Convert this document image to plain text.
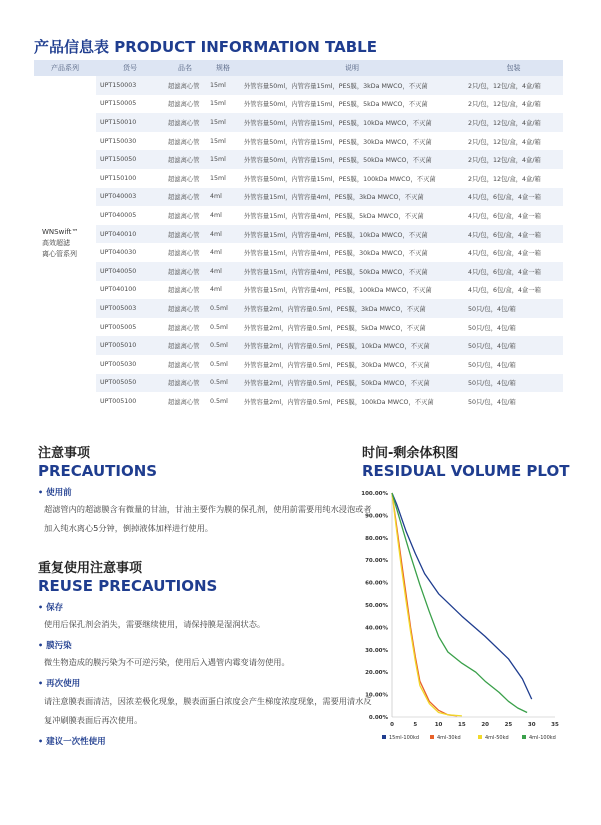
产品信息表 PRODUCT INFORMATION TABLE
产品系列	货号	品名	规格	说明	包装

WNSwift™
高效超滤
离心管系列	UPT150003	超滤离心管	15ml	外管容量50ml，内管容量15ml，PES膜，3kDa MWCO，不灭菌	2只/包，12包/盒，4盒/箱
	UPT150005	超滤离心管	15ml	外管容量50ml，内管容量15ml，PES膜，5kDa MWCO，不灭菌	2只/包，12包/盒，4盒/箱
	UPT150010	超滤离心管	15ml	外管容量50ml，内管容量15ml，PES膜，10kDa MWCO，不灭菌	2只/包，12包/盒，4盒/箱
	UPT150030	超滤离心管	15ml	外管容量50ml，内管容量15ml，PES膜，30kDa MWCO，不灭菌	2只/包，12包/盒，4盒/箱
	UPT150050	超滤离心管	15ml	外管容量50ml，内管容量15ml，PES膜，50kDa MWCO，不灭菌	2只/包，12包/盒，4盒/箱
	UPT150100	超滤离心管	15ml	外管容量50ml，内管容量15ml，PES膜，100kDa MWCO，不灭菌	2只/包，12包/盒，4盒/箱
	UPT040003	超滤离心管	4ml	外管容量15ml，内管容量4ml，PES膜，3kDa MWCO，不灭菌	4只/包，6包/盒，4盒一箱
	UPT040005	超滤离心管	4ml	外管容量15ml，内管容量4ml，PES膜，5kDa MWCO，不灭菌	4只/包，6包/盒，4盒一箱
	UPT040010	超滤离心管	4ml	外管容量15ml，内管容量4ml，PES膜，10kDa MWCO，不灭菌	4只/包，6包/盒，4盒一箱
	UPT040030	超滤离心管	4ml	外管容量15ml，内管容量4ml，PES膜，30kDa MWCO，不灭菌	4只/包，6包/盒，4盒一箱
	UPT040050	超滤离心管	4ml	外管容量15ml，内管容量4ml，PES膜，50kDa MWCO，不灭菌	4只/包，6包/盒，4盒一箱
	UPT040100	超滤离心管	4ml	外管容量15ml，内管容量4ml，PES膜，100kDa MWCO，不灭菌	4只/包，6包/盒，4盒一箱
	UPT005003	超滤离心管	0.5ml	外管容量2ml，内管容量0.5ml，PES膜，3kDa MWCO，不灭菌	50只/包，4包/箱
	UPT005005	超滤离心管	0.5ml	外管容量2ml，内管容量0.5ml，PES膜，5kDa MWCO，不灭菌	50只/包，4包/箱
	UPT005010	超滤离心管	0.5ml	外管容量2ml，内管容量0.5ml，PES膜，10kDa MWCO，不灭菌	50只/包，4包/箱
	UPT005030	超滤离心管	0.5ml	外管容量2ml，内管容量0.5ml，PES膜，30kDa MWCO，不灭菌	50只/包，4包/箱
	UPT005050	超滤离心管	0.5ml	外管容量2ml，内管容量0.5ml，PES膜，50kDa MWCO，不灭菌	50只/包，4包/箱
	UPT005100	超滤离心管	0.5ml	外管容量2ml，内管容量0.5ml，PES膜，100kDa MWCO，不灭菌	50只/包，4包/箱
注意事项
PRECAUTIONS
• 使用前
超滤管内的超滤膜含有微量的甘油，甘油主要作为膜的保孔剂，使用前需要用纯水浸泡或者加入纯水离心5分钟，倒掉液体加样进行使用。
重复使用注意事项
REUSE PRECAUTIONS
• 保存
使用后保孔剂会消失，需要继续使用，请保持膜是湿润状态。
• 膜污染
微生物造成的膜污染为不可逆污染，使用后入遇管内霉变请勿使用。
• 再次使用
请注意膜表面清洁，因浓差极化现象，膜表面蛋白浓度会产生梯度浓度现象，需要用清水反复冲刷膜表面后再次使用。
• 建议一次性使用
时间-剩余体积图
RESIDUAL VOLUME PLOT
0.00%
10.00%
20.00%
30.00%
40.00%
50.00%
60.00%
70.00%
80.00%
90.00%
100.00%
0	5	10	15	20	25	30	35
15ml-100kd	4ml-30kd	4ml-50kd	4ml-100kd
